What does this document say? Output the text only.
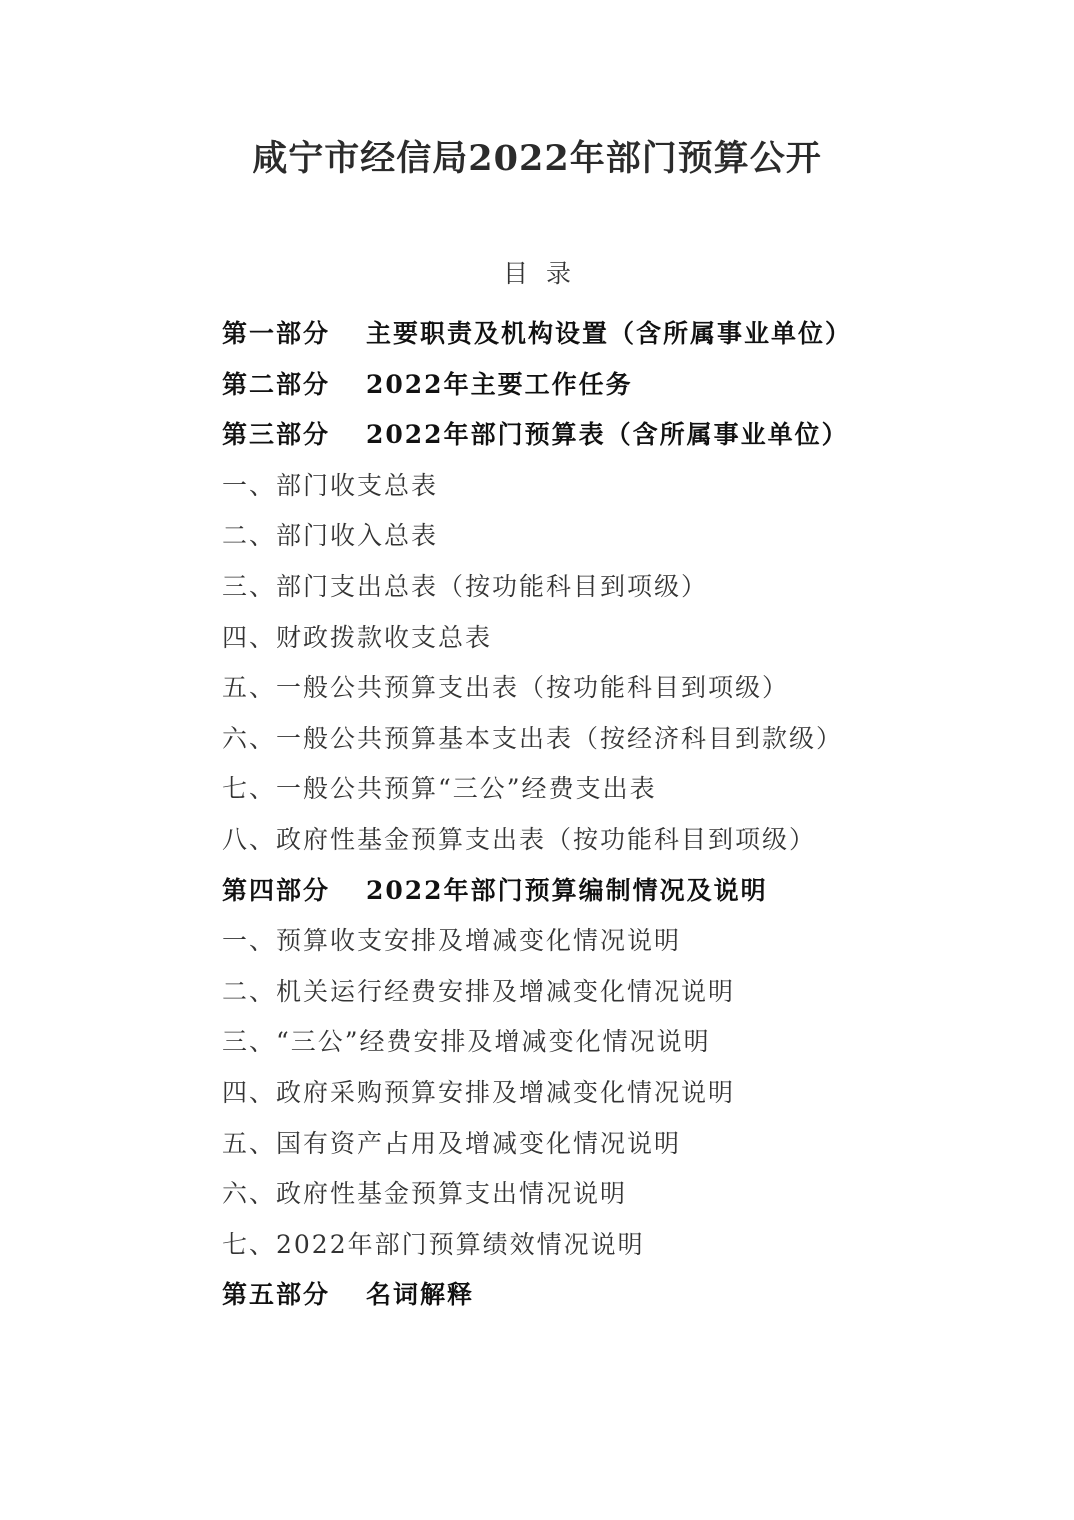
咸宁市经信局2022年部门预算公开
目录
第一部分 主要职责及机构设置（含所属事业单位）
第二部分 2022年主要工作任务
第三部分 2022年部门预算表（含所属事业单位）
一、部门收支总表
二、部门收入总表
三、部门支出总表（按功能科目到项级）
四、财政拨款收支总表
五、一般公共预算支出表（按功能科目到项级）
六、一般公共预算基本支出表（按经济科目到款级）
七、一般公共预算“三公”经费支出表
八、政府性基金预算支出表（按功能科目到项级）
第四部分 2022年部门预算编制情况及说明
一、预算收支安排及增减变化情况说明
二、机关运行经费安排及增减变化情况说明
三、“三公”经费安排及增减变化情况说明
四、政府采购预算安排及增减变化情况说明
五、国有资产占用及增减变化情况说明
六、政府性基金预算支出情况说明
七、2022年部门预算绩效情况说明
第五部分 名词解释
